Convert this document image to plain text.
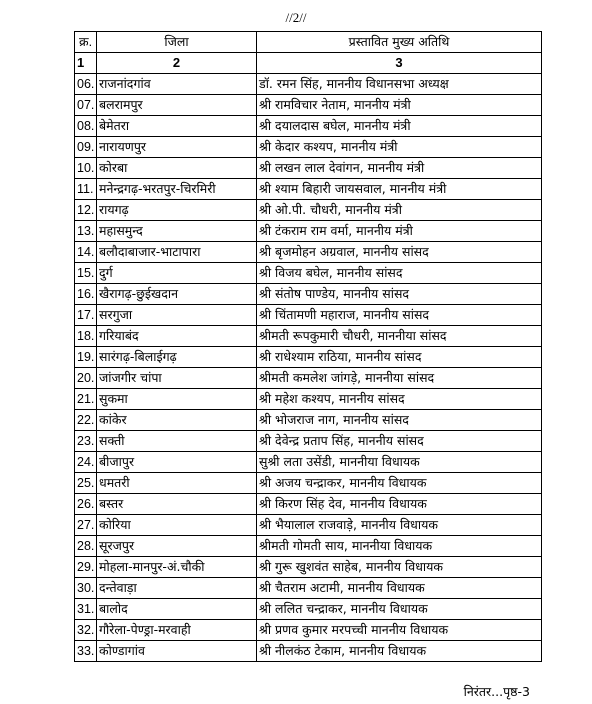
//2//
क्र.	जिला	प्रस्तावित मुख्य अतिथि
1	2	3
06.	राजनांदगांव	डॉ. रमन सिंह, माननीय विधानसभा अध्यक्ष
07.	बलरामपुर	श्री रामविचार नेताम, माननीय मंत्री
08.	बेमेतरा	श्री दयालदास बघेल, माननीय मंत्री
09.	नारायणपुर	श्री केदार कश्यप, माननीय मंत्री
10.	कोरबा	श्री लखन लाल देवांगन, माननीय मंत्री
11.	मनेन्द्रगढ़-भरतपुर-चिरमिरी	श्री श्याम बिहारी जायसवाल, माननीय मंत्री
12.	रायगढ़	श्री ओ.पी. चौधरी, माननीय मंत्री
13.	महासमुन्द	श्री टंकराम राम वर्मा, माननीय मंत्री
14.	बलौदाबाजार-भाटापारा	श्री बृजमोहन अग्रवाल, माननीय सांसद
15.	दुर्ग	श्री विजय बघेल, माननीय सांसद
16.	खैरागढ़-छुईखदान	श्री संतोष पाण्डेय, माननीय सांसद
17.	सरगुजा	श्री चिंतामणी महाराज, माननीय सांसद
18.	गरियाबंद	श्रीमती रूपकुमारी चौधरी, माननीया सांसद
19.	सारंगढ़-बिलाईगढ़	श्री राधेश्याम राठिया, माननीय सांसद
20.	जांजगीर चांपा	श्रीमती कमलेश जांगड़े, माननीया सांसद
21.	सुकमा	श्री महेश कश्यप, माननीय सांसद
22.	कांकेर	श्री भोजराज नाग, माननीय सांसद
23.	सक्ती	श्री देवेन्द्र प्रताप सिंह, माननीय सांसद
24.	बीजापुर	सुश्री लता उसेंडी, माननीया विधायक
25.	धमतरी	श्री अजय चन्द्राकर, माननीय विधायक
26.	बस्तर	श्री किरण सिंह देव, माननीय विधायक
27.	कोरिया	श्री भैयालाल राजवाड़े, माननीय विधायक
28.	सूरजपुर	श्रीमती गोमती साय, माननीया विधायक
29.	मोहला-मानपुर-अं.चौकी	श्री गुरू खुशवंत साहेब, माननीय विधायक
30.	दन्तेवाड़ा	श्री चैतराम अटामी, माननीय विधायक
31.	बालोद	श्री ललित चन्द्राकर, माननीय विधायक
32.	गौरेला-पेण्ड्रा-मरवाही	श्री प्रणव कुमार मरपच्ची माननीय विधायक
33.	कोण्डागांव	श्री नीलकंठ टेकाम, माननीय विधायक
निरंतर...पृष्ठ-3
